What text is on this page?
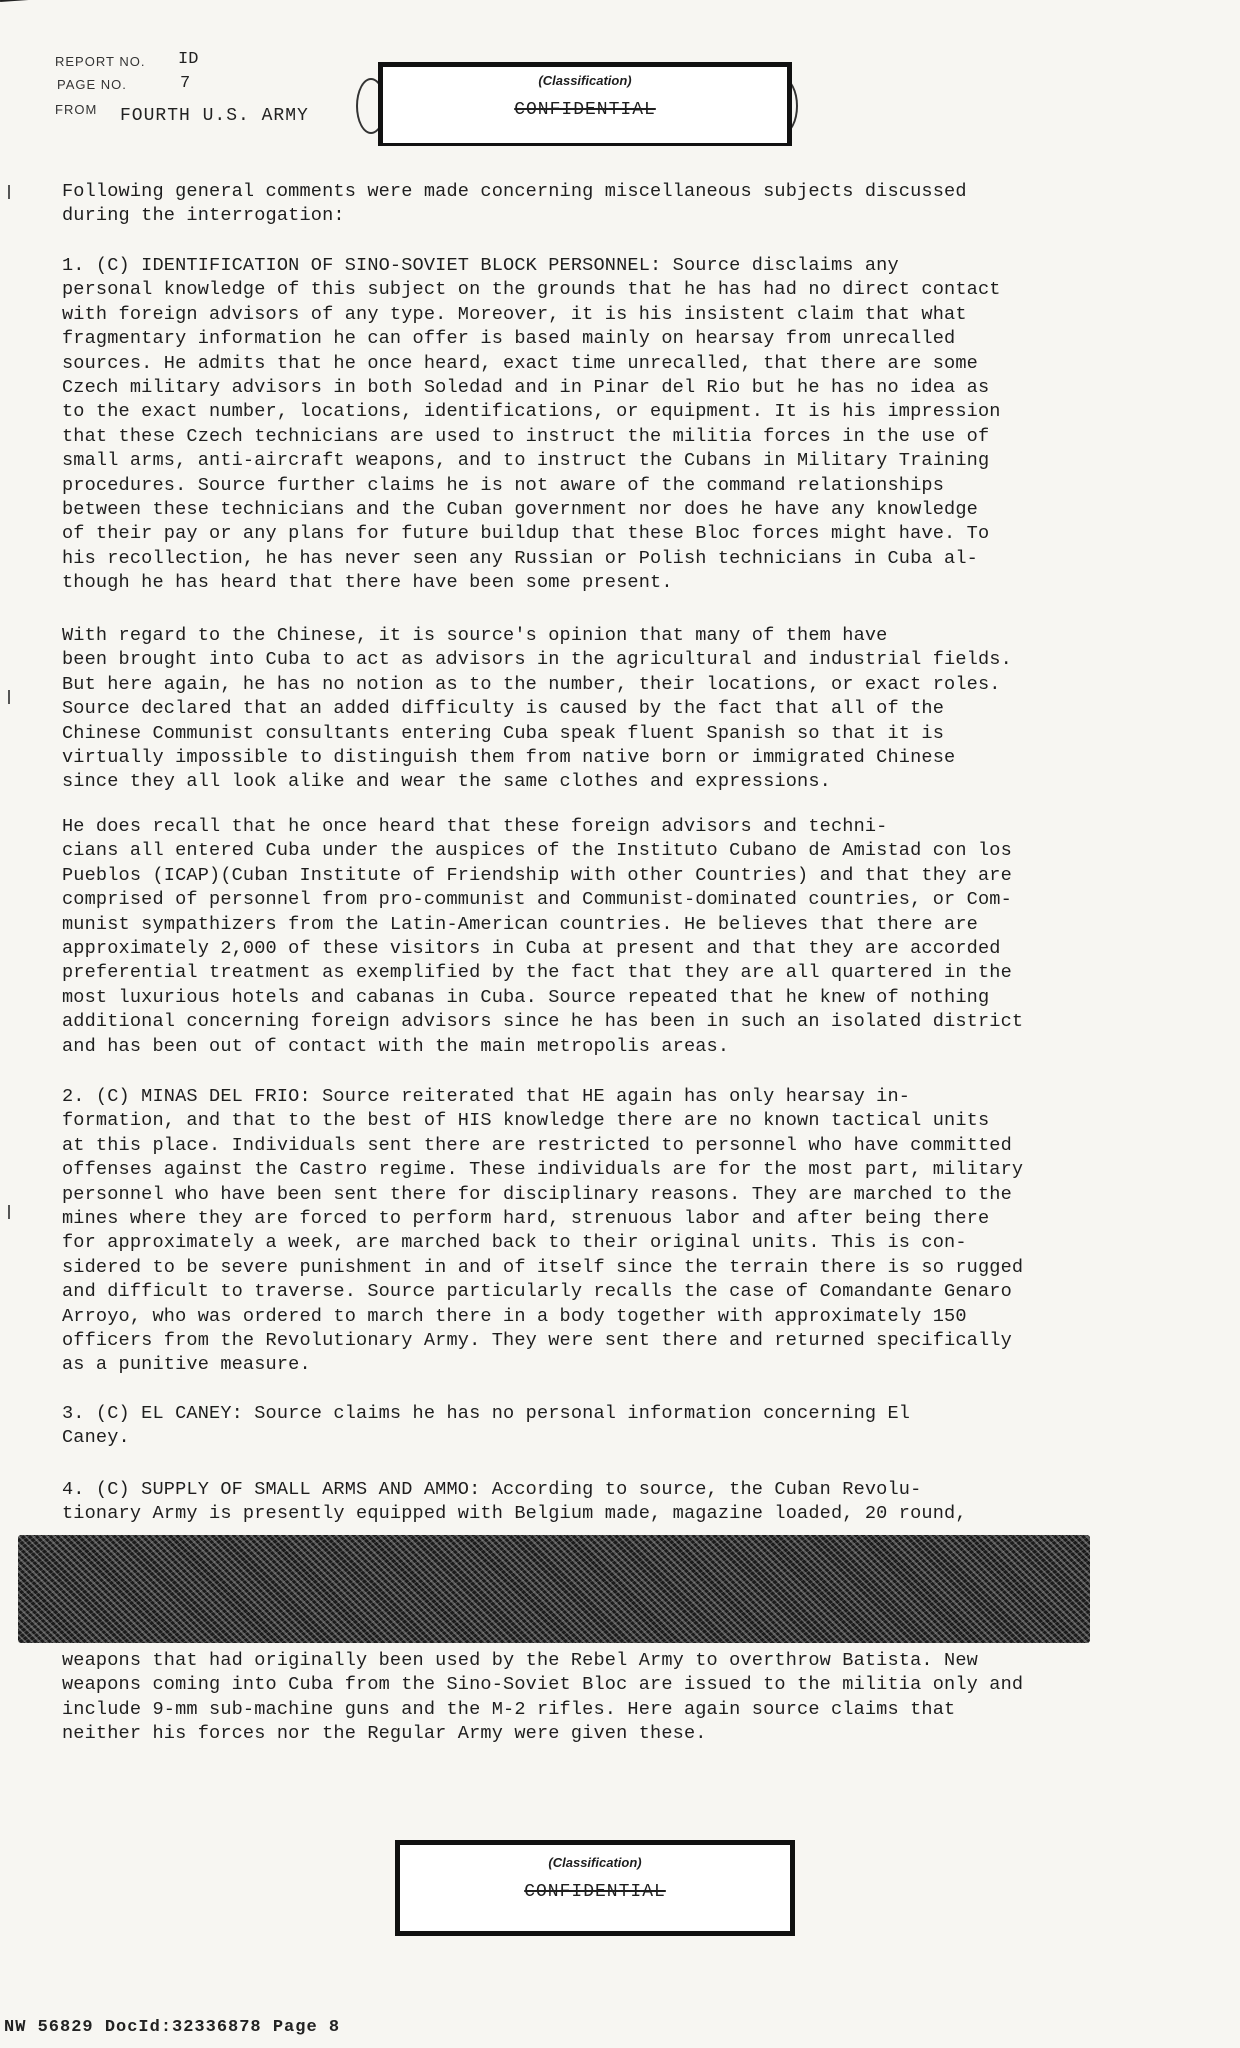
REPORT NO. ID
PAGE NO.	7
FROM FOURTH U.S. ARMY
(Classification)
CONFIDENTIAL

Following general comments were made concerning miscellaneous subjects discussed
during the interrogation:

1. (C) IDENTIFICATION OF SINO-SOVIET BLOCK PERSONNEL: Source disclaims any
personal knowledge of this subject on the grounds that he has had no direct contact
with foreign advisors of any type. Moreover, it is his insistent claim that what
fragmentary information he can offer is based mainly on hearsay from unrecalled
sources. He admits that he once heard, exact time unrecalled, that there are some
Czech military advisors in both Soledad and in Pinar del Rio but he has no idea as
to the exact number, locations, identifications, or equipment. It is his impression
that these Czech technicians are used to instruct the militia forces in the use of
small arms, anti-aircraft weapons, and to instruct the Cubans in Military Training
procedures. Source further claims he is not aware of the command relationships
between these technicians and the Cuban government nor does he have any knowledge
of their pay or any plans for future buildup that these Bloc forces might have. To
his recollection, he has never seen any Russian or Polish technicians in Cuba al-
though he has heard that there have been some present.

With regard to the Chinese, it is source's opinion that many of them have
been brought into Cuba to act as advisors in the agricultural and industrial fields.
But here again, he has no notion as to the number, their locations, or exact roles.
Source declared that an added difficulty is caused by the fact that all of the
Chinese Communist consultants entering Cuba speak fluent Spanish so that it is
virtually impossible to distinguish them from native born or immigrated Chinese
since they all look alike and wear the same clothes and expressions.

He does recall that he once heard that these foreign advisors and techni-
cians all entered Cuba under the auspices of the Instituto Cubano de Amistad con los
Pueblos (ICAP)(Cuban Institute of Friendship with other Countries) and that they are
comprised of personnel from pro-communist and Communist-dominated countries, or Com-
munist sympathizers from the Latin-American countries. He believes that there are
approximately 2,000 of these visitors in Cuba at present and that they are accorded
preferential treatment as exemplified by the fact that they are all quartered in the
most luxurious hotels and cabanas in Cuba. Source repeated that he knew of nothing
additional concerning foreign advisors since he has been in such an isolated district
and has been out of contact with the main metropolis areas.

2. (C) MINAS DEL FRIO: Source reiterated that HE again has only hearsay in-
formation, and that to the best of HIS knowledge there are no known tactical units
at this place. Individuals sent there are restricted to personnel who have committed
offenses against the Castro regime. These individuals are for the most part, military
personnel who have been sent there for disciplinary reasons. They are marched to the
mines where they are forced to perform hard, strenuous labor and after being there
for approximately a week, are marched back to their original units. This is con-
sidered to be severe punishment in and of itself since the terrain there is so rugged
and difficult to traverse. Source particularly recalls the case of Comandante Genaro
Arroyo, who was ordered to march there in a body together with approximately 150
officers from the Revolutionary Army. They were sent there and returned specifically
as a punitive measure.

3. (C) EL CANEY: Source claims he has no personal information concerning El
Caney.

4. (C) SUPPLY OF SMALL ARMS AND AMMO: According to source, the Cuban Revolu-
tionary Army is presently equipped with Belgium made, magazine loaded, 20 round,

weapons that had originally been used by the Rebel Army to overthrow Batista. New
weapons coming into Cuba from the Sino-Soviet Bloc are issued to the militia only and
include 9-mm sub-machine guns and the M-2 rifles. Here again source claims that
neither his forces nor the Regular Army were given these.

(Classification)
CONFIDENTIAL
NW 56829 DocId:32336878 Page 8
